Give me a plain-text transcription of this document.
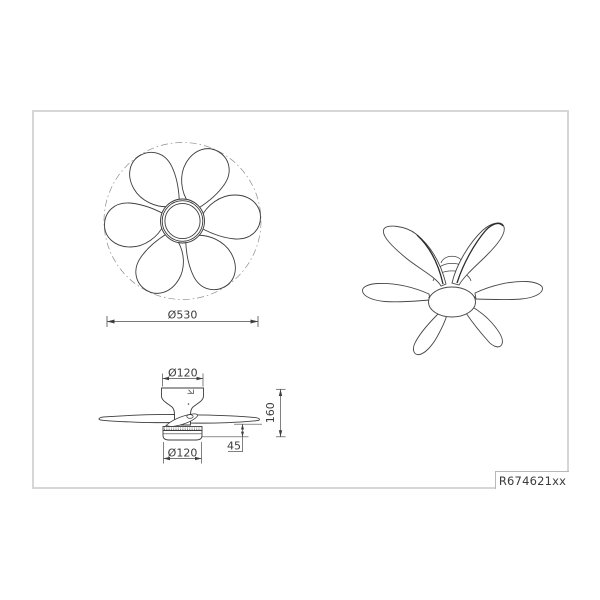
Ø530
Ø120
Ø120
160
45
R674621xx
